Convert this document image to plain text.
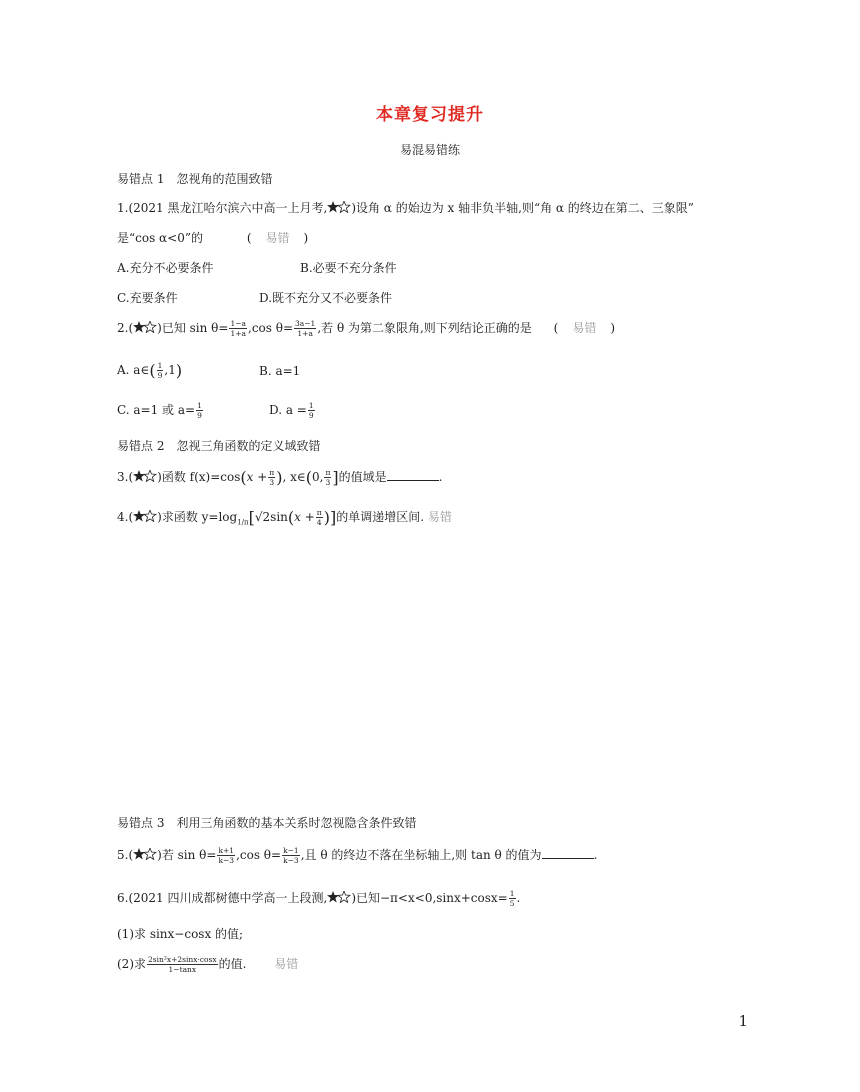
本章复习提升
易混易错练
易错点 1　忽视角的范围致错
1.(2021 黑龙江哈尔滨六中高一上月考, )设角 α 的始边为 x 轴非负半轴,则“角 α 的终边在第二、三象限”
是“cos α<0”的	( 易错 )
A.充分不必要条件	B.必要不充分条件
C.充要条件	D.既不充分又不必要条件
2.( )已知 $\sin \theta= \frac{1-a}{1+a} ,\cos$ $\theta= \frac{3a-1}{1+a}$ ,若 θ 为第二象限角,则下列结论正确的是 ( 易错 )
A. a∈( $\frac{1}{9} ,1$)	B. a=1
C. a=1 或 $a= \frac{1}{9}$	D. $a = \frac{1}{9}$
易错点 2　忽视三角函数的定义域致错
3.( )函数 $f(x)=\cos(x + \frac{\pi}{3}$ ), x∈(0, $\frac{\pi}{3}$ ]的值域是	.
4.( )求函数 $y=\log_{1/\pi}[√2\sin(x + \frac{\pi}{4}$ )]的单调递增区间. 易错
易错点 3　利用三角函数的基本关系时忽视隐含条件致错
5.( )若 $\sin \theta= \frac{k+1}{k-3} ,\cos$ $\theta= \frac{k-1}{k-3}$ ,且 θ 的终边不落在坐标轴上,则 tan θ 的值为	.
6.(2021 四川成都树德中学高一上段测, )已知$-\pi<x<0,\sin x+\cos x= \frac{1}{5}$ .
(1)求 sinx−cosx 的值;
(2)求 $\frac{\text{2sin²x+2sinx·cosx}}{1-\tan x}$ 的值. 易错
1
